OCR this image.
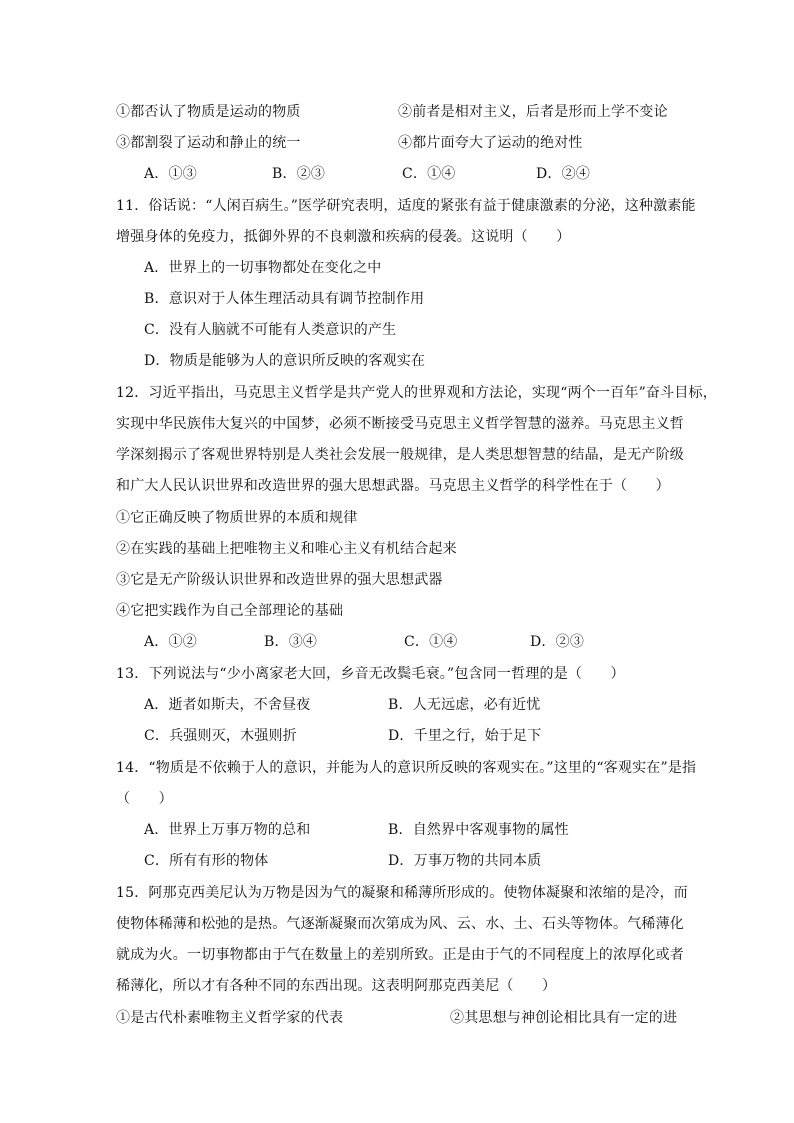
①都否认了物质是运动的物质	②前者是相对主义，后者是形而上学不变论
③都割裂了运动和静止的统一	④都片面夸大了运动的绝对性
A．①③	B．②③	C．①④	D．②④
11．俗话说：“人闲百病生。”医学研究表明，适度的紧张有益于健康激素的分泌，这种激素能
增强身体的免疫力，抵御外界的不良刺激和疾病的侵袭。这说明（　　）
A．世界上的一切事物都处在变化之中
B．意识对于人体生理活动具有调节控制作用
C．没有人脑就不可能有人类意识的产生
D．物质是能够为人的意识所反映的客观实在
12．习近平指出，马克思主义哲学是共产党人的世界观和方法论，实现“两个一百年”奋斗目标，
实现中华民族伟大复兴的中国梦，必须不断接受马克思主义哲学智慧的滋养。马克思主义哲
学深刻揭示了客观世界特别是人类社会发展一般规律，是人类思想智慧的结晶，是无产阶级
和广大人民认识世界和改造世界的强大思想武器。马克思主义哲学的科学性在于（　　）
①它正确反映了物质世界的本质和规律
②在实践的基础上把唯物主义和唯心主义有机结合起来
③它是无产阶级认识世界和改造世界的强大思想武器
④它把实践作为自己全部理论的基础
A．①②	B．③④	C．①④	D．②③
13．下列说法与“少小离家老大回，乡音无改鬓毛衰。”包含同一哲理的是（　　）
A．逝者如斯夫，不舍昼夜	B．人无远虑，必有近忧
C．兵强则灭，木强则折	D．千里之行，始于足下
14．“物质是不依赖于人的意识，并能为人的意识所反映的客观实在。”这里的“客观实在”是指
（　　）
A．世界上万事万物的总和	B．自然界中客观事物的属性
C．所有有形的物体	D．万事万物的共同本质
15．阿那克西美尼认为万物是因为气的凝聚和稀薄所形成的。使物体凝聚和浓缩的是冷，而
使物体稀薄和松弛的是热。气逐渐凝聚而次第成为风、云、水、土、石头等物体。气稀薄化
就成为火。一切事物都由于气在数量上的差别所致。正是由于气的不同程度上的浓厚化或者
稀薄化，所以才有各种不同的东西出现。这表明阿那克西美尼（　　）
①是古代朴素唯物主义哲学家的代表	②其思想与神创论相比具有一定的进
